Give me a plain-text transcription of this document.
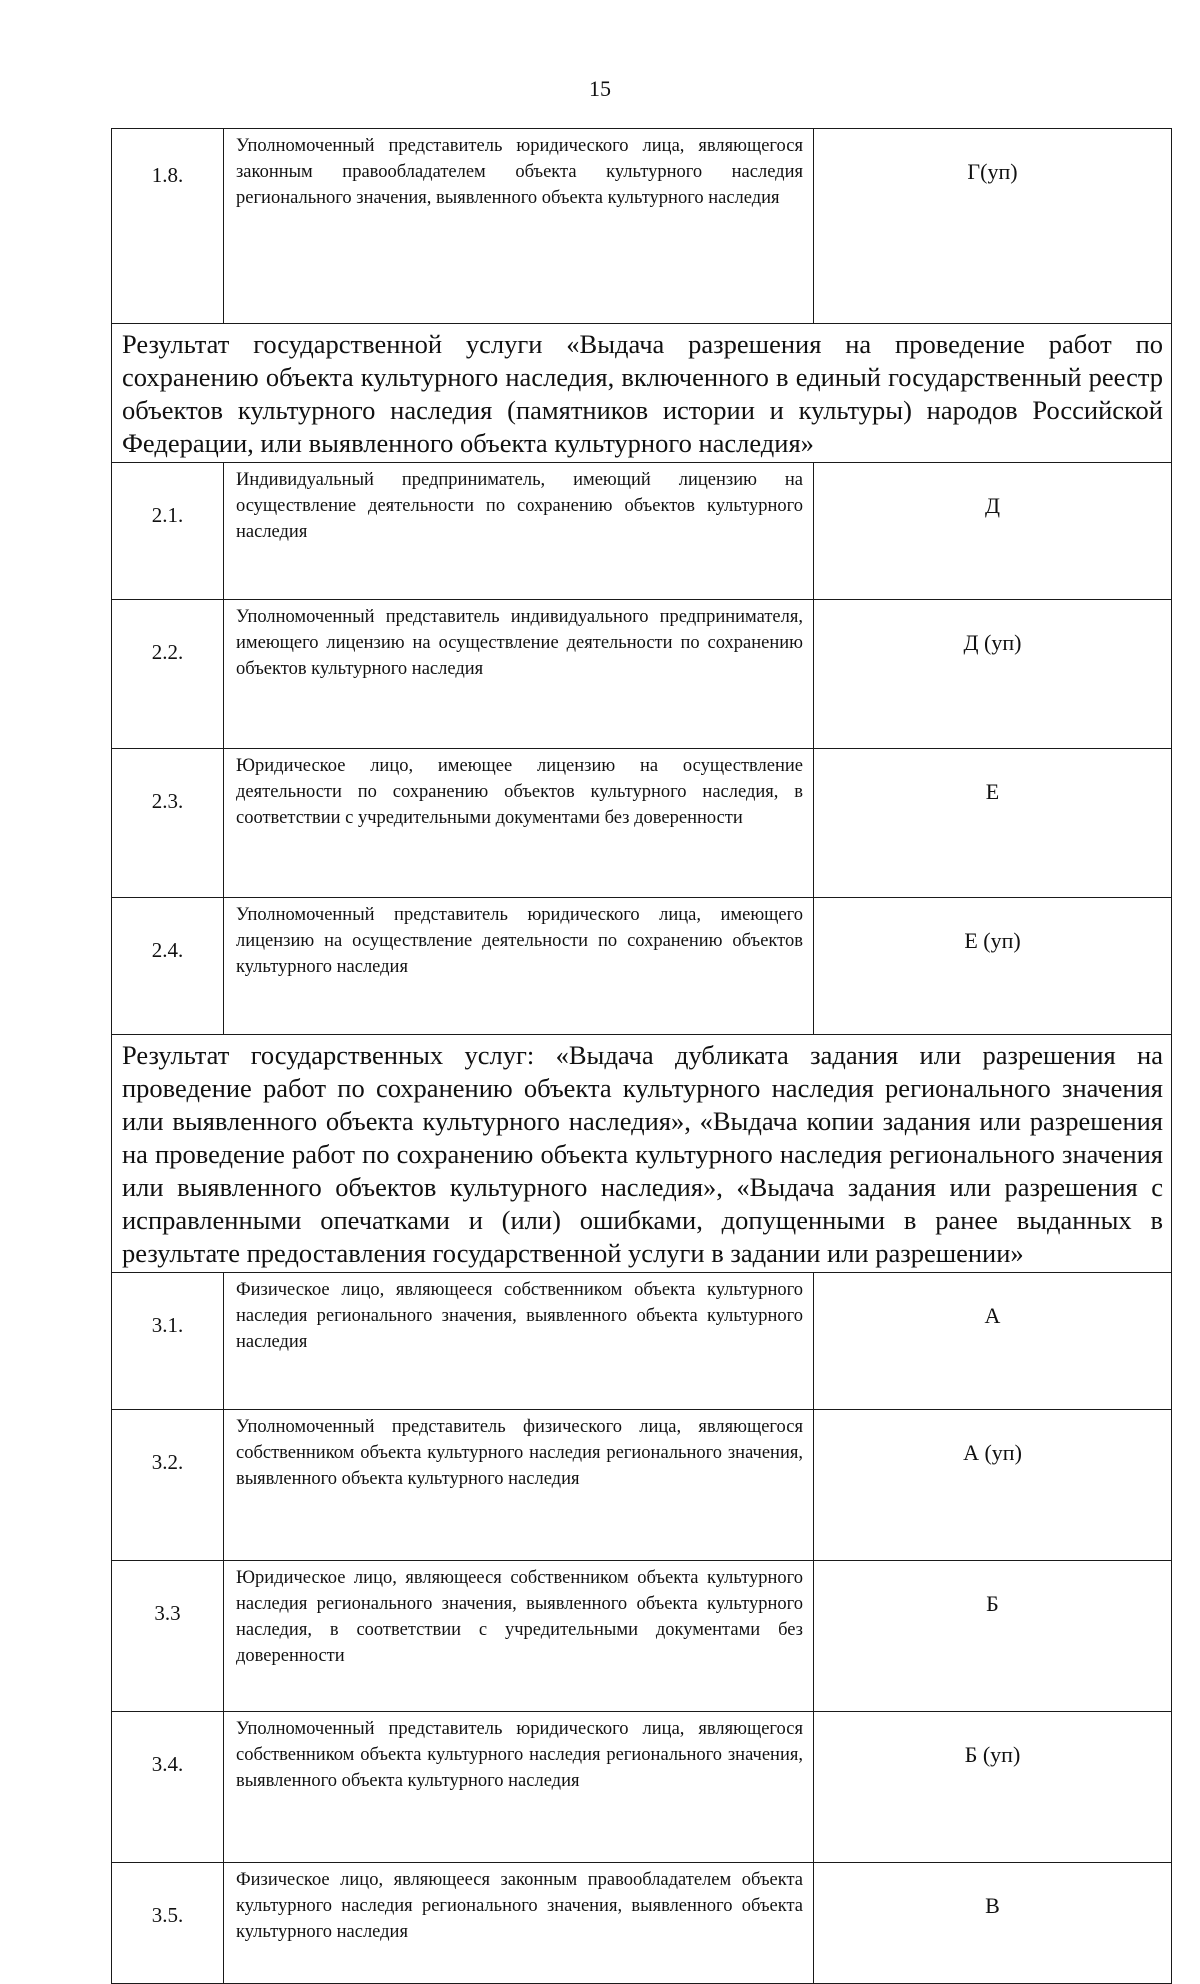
15
1.8.	Уполномоченный представитель юридического лица, являющегося законным правообладателем объекта культурного наследия регионального значения, выявленного объекта культурного наследия	Г(уп)
Результат государственной услуги «Выдача разрешения на проведение работ по сохранению объекта культурного наследия, включенного в единый государственный реестр объектов культурного наследия (памятников истории и культуры) народов Российской Федерации, или выявленного объекта культурного наследия»		
2.1.	Индивидуальный предприниматель, имеющий лицензию на осуществление деятельности по сохранению объектов культурного наследия	Д
2.2.	Уполномоченный представитель индивидуального предпринимателя, имеющего лицензию на осуществление деятельности по сохранению объектов культурного наследия	Д (уп)
2.3.	Юридическое лицо, имеющее лицензию на осуществление деятельности по сохранению объектов культурного наследия, в соответствии с учредительными документами без доверенности	Е
2.4.	Уполномоченный представитель юридического лица, имеющего лицензию на осуществление деятельности по сохранению объектов культурного наследия	Е (уп)
Результат государственных услуг: «Выдача дубликата задания или разрешения на проведение работ по сохранению объекта культурного наследия регионального значения или выявленного объекта культурного наследия», «Выдача копии задания или разрешения на проведение работ по сохранению объекта культурного наследия регионального значения или выявленного объектов культурного наследия», «Выдача задания или разрешения с исправленными опечатками и (или) ошибками, допущенными в ранее выданных в результате предоставления государственной услуги в задании или разрешении»		
3.1.	Физическое лицо, являющееся собственником объекта культурного наследия регионального значения, выявленного объекта культурного наследия	А
3.2.	Уполномоченный представитель физического лица, являющегося собственником объекта культурного наследия регионального значения, выявленного объекта культурного наследия	А (уп)
3.3	Юридическое лицо, являющееся собственником объекта культурного наследия регионального значения, выявленного объекта культурного наследия, в соответствии с учредительными документами без доверенности	Б
3.4.	Уполномоченный представитель юридического лица, являющегося собственником объекта культурного наследия регионального значения, выявленного объекта культурного наследия	Б (уп)
3.5.	Физическое лицо, являющееся законным правообладателем объекта культурного наследия регионального значения, выявленного объекта культурного наследия	В
